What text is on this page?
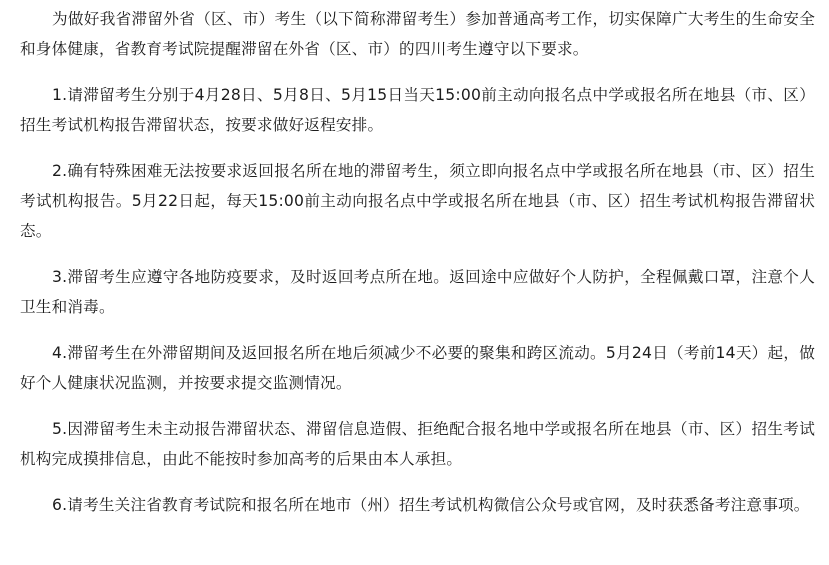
为做好我省滞留外省（区、市）考生（以下简称滞留考生）参加普通高考工作，切实保障广大考生的生命安全和身体健康，省教育考试院提醒滞留在外省（区、市）的四川考生遵守以下要求。

1.请滞留考生分别于4月28日、5月8日、5月15日当天15:00前主动向报名点中学或报名所在地县（市、区）招生考试机构报告滞留状态，按要求做好返程安排。

2.确有特殊困难无法按要求返回报名所在地的滞留考生，须立即向报名点中学或报名所在地县（市、区）招生考试机构报告。5月22日起，每天15:00前主动向报名点中学或报名所在地县（市、区）招生考试机构报告滞留状态。

3.滞留考生应遵守各地防疫要求，及时返回考点所在地。返回途中应做好个人防护，全程佩戴口罩，注意个人卫生和消毒。

4.滞留考生在外滞留期间及返回报名所在地后须减少不必要的聚集和跨区流动。5月24日（考前14天）起，做好个人健康状况监测，并按要求提交监测情况。

5.因滞留考生未主动报告滞留状态、滞留信息造假、拒绝配合报名地中学或报名所在地县（市、区）招生考试机构完成摸排信息，由此不能按时参加高考的后果由本人承担。

6.请考生关注省教育考试院和报名所在地市（州）招生考试机构微信公众号或官网，及时获悉备考注意事项。
